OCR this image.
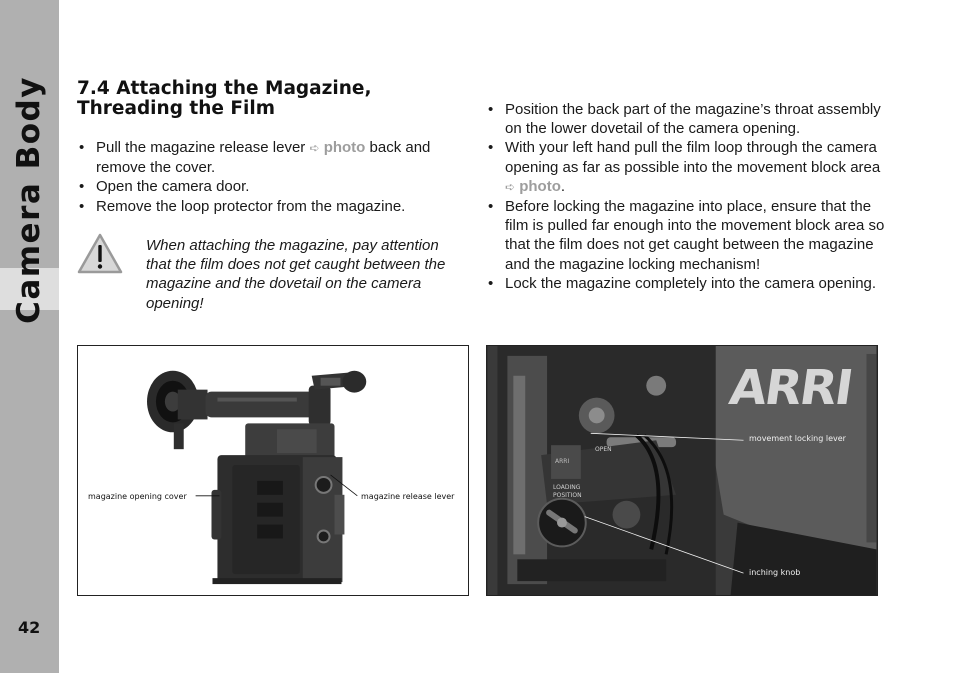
Camera Body
42
7.4 Attaching the Magazine, Threading the Film
• Pull the magazine release lever ➪ photo back and remove the cover.
• Open the camera door.
• Remove the loop protector from the magazine.
When attaching the magazine, pay attention that the film does not get caught between the magazine and the dovetail on the camera opening!
• Position the back part of the magazine’s throat assembly on the lower dovetail of the camera opening.
• With your left hand pull the film loop through the camera opening as far as possible into the movement block area ➪ photo.
• Before locking the magazine into place, ensure that the film is pulled far enough into the movement block area so that the film does not get caught between the magazine and the magazine locking mechanism!
• Lock the magazine completely into the camera opening.
magazine opening cover	magazine release lever
ARRI
OPEN
LOADING
POSITION
ARRI
movement locking lever
inching knob
